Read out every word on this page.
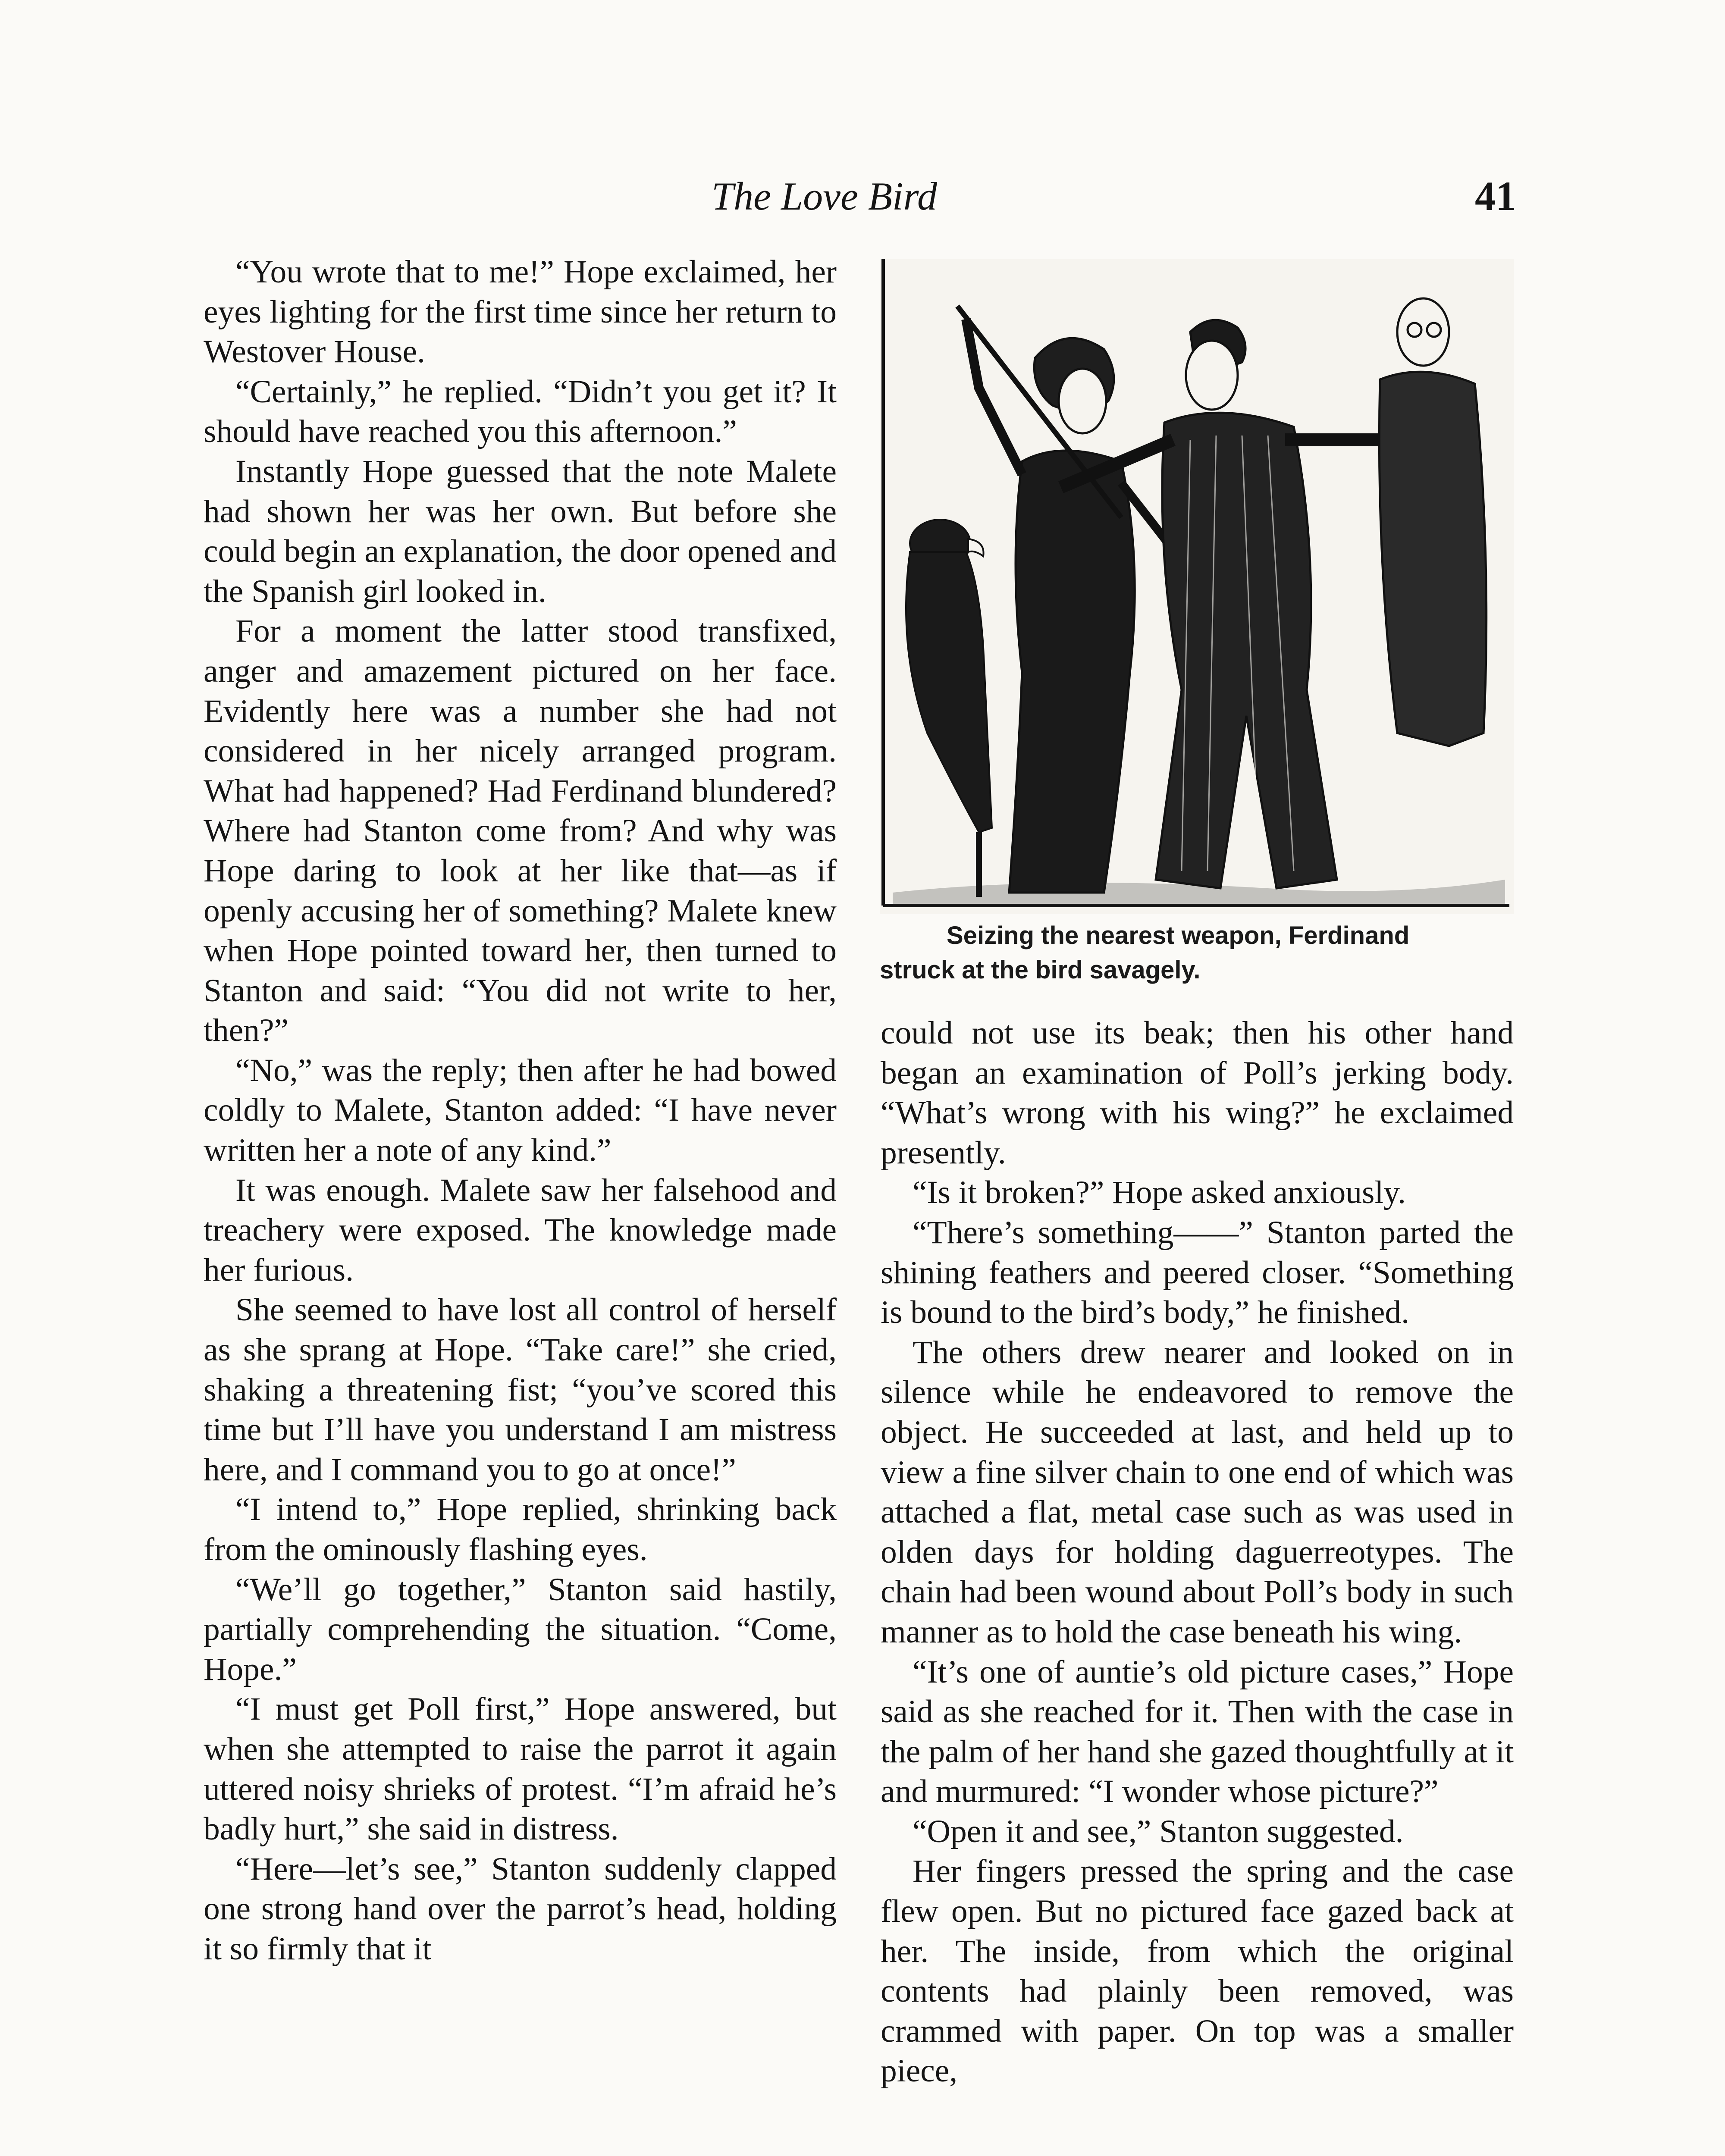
The Love Bird	41

“You wrote that to me!” Hope exclaimed, her eyes lighting for the first time since her return to Westover House.

“Certainly,” he replied. “Didn’t you get it? It should have reached you this afternoon.”

Instantly Hope guessed that the note Malete had shown her was her own. But before she could begin an explanation, the door opened and the Spanish girl looked in.

For a moment the latter stood transfixed, anger and amazement pictured on her face. Evidently here was a number she had not considered in her nicely arranged program. What had happened? Had Ferdinand blundered? Where had Stanton come from? And why was Hope daring to look at her like that—as if openly accusing her of something? Malete knew when Hope pointed toward her, then turned to Stanton and said: “You did not write to her, then?”

“No,” was the reply; then after he had bowed coldly to Malete, Stanton added: “I have never written her a note of any kind.”

It was enough. Malete saw her falsehood and treachery were exposed. The knowledge made her furious.

She seemed to have lost all control of herself as she sprang at Hope. “Take care!” she cried, shaking a threatening fist; “you’ve scored this time but I’ll have you understand I am mistress here, and I command you to go at once!”

“I intend to,” Hope replied, shrinking back from the ominously flashing eyes.

“We’ll go together,” Stanton said hastily, partially comprehending the situation. “Come, Hope.”

“I must get Poll first,” Hope answered, but when she attempted to raise the parrot it again uttered noisy shrieks of protest. “I’m afraid he’s badly hurt,” she said in distress.

“Here—let’s see,” Stanton suddenly clapped one strong hand over the parrot’s head, holding it so firmly that it

Seizing the nearest weapon, Ferdinand
struck at the bird savagely.

could not use its beak; then his other hand began an examination of Poll’s jerking body. “What’s wrong with his wing?” he exclaimed presently.

“Is it broken?” Hope asked anxiously.

“There’s something——” Stanton parted the shining feathers and peered closer. “Something is bound to the bird’s body,” he finished.

The others drew nearer and looked on in silence while he endeavored to remove the object. He succeeded at last, and held up to view a fine silver chain to one end of which was attached a flat, metal case such as was used in olden days for holding daguerreotypes. The chain had been wound about Poll’s body in such manner as to hold the case beneath his wing.

“It’s one of auntie’s old picture cases,” Hope said as she reached for it. Then with the case in the palm of her hand she gazed thoughtfully at it and murmured: “I wonder whose picture?”

“Open it and see,” Stanton suggested.

Her fingers pressed the spring and the case flew open. But no pictured face gazed back at her. The inside, from which the original contents had plainly been removed, was crammed with paper. On top was a smaller piece,
